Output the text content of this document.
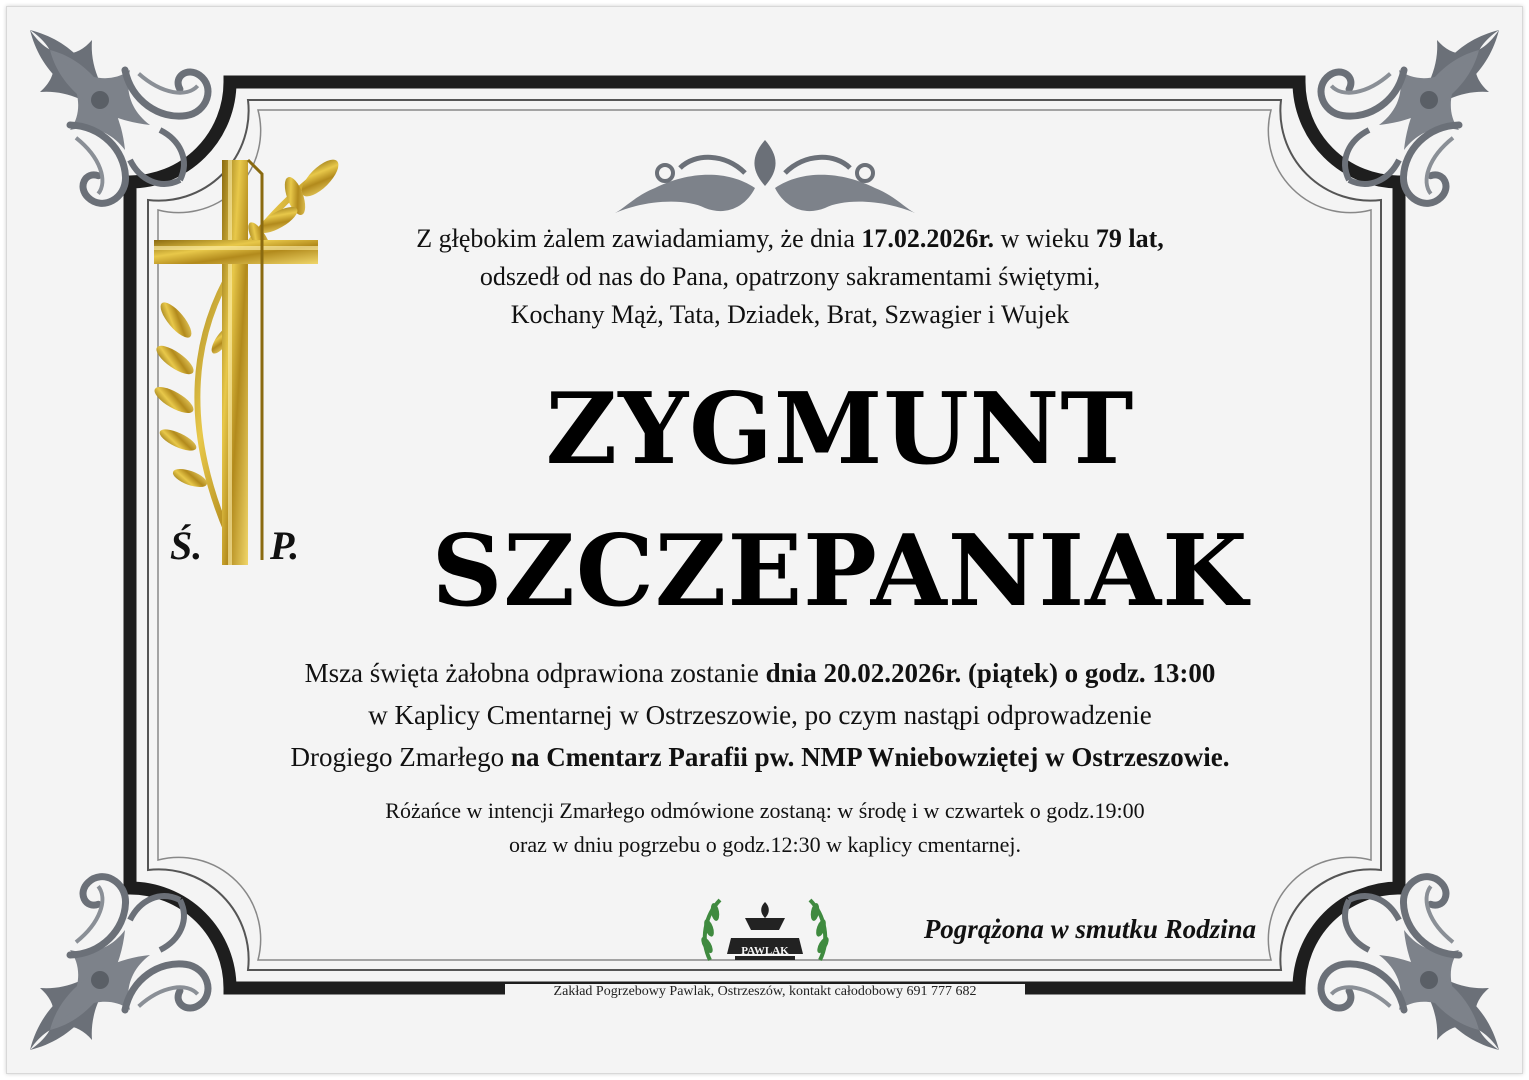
PAWLAK
Z głębokim żalem zawiadamiamy, że dnia 17.02.2026r. w wieku 79 lat,
odszedł od nas do Pana, opatrzony sakramentami świętymi,
Kochany Mąż, Tata, Dziadek, Brat, Szwagier i Wujek
ZYGMUNT
SZCZEPANIAK
Ś. P.
Msza święta żałobna odprawiona zostanie dnia 20.02.2026r. (piątek) o godz. 13:00
w Kaplicy Cmentarnej w Ostrzeszowie, po czym nastąpi odprowadzenie
Drogiego Zmarłego na Cmentarz Parafii pw. NMP Wniebowziętej w Ostrzeszowie.
Różańce w intencji Zmarłego odmówione zostaną: w środę i w czwartek o godz.19:00
oraz w dniu pogrzebu o godz.12:30 w kaplicy cmentarnej.
Pogrążona w smutku Rodzina
Zakład Pogrzebowy Pawlak, Ostrzeszów, kontakt całodobowy 691 777 682
